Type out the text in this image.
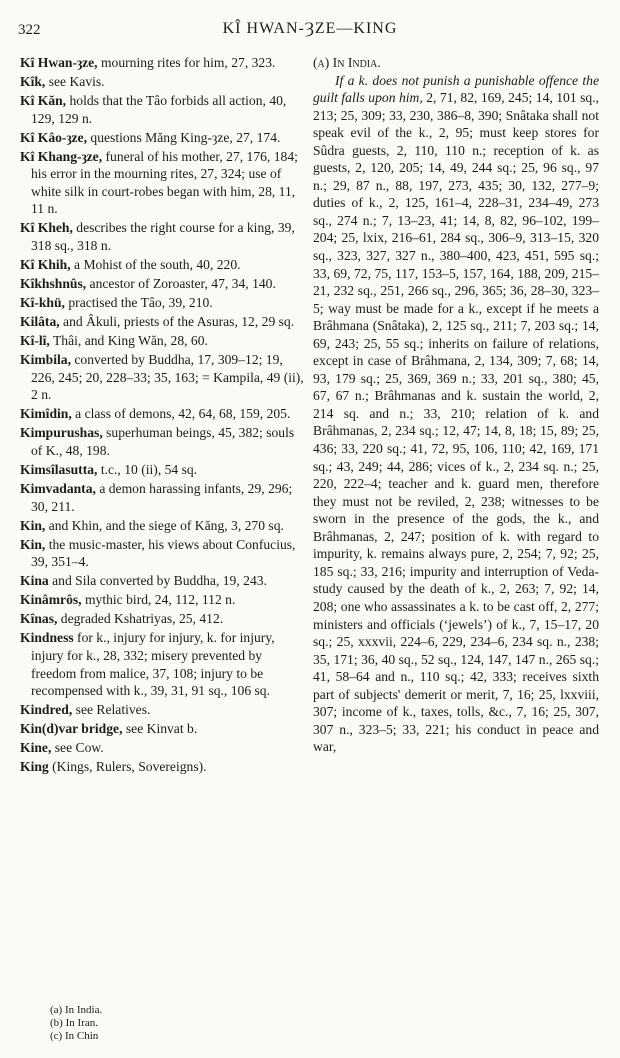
322	KÎ HWAN-ȜZE—KING
Kî Hwan-ȝze, mourning rites for him, 27, 323.
Kîk, see Kavis.
Kî Kăn, holds that the Tâo forbids all action, 40, 129, 129 n.
Kî Kâo-ȝze, questions Măng King-ȝze, 27, 174.
Kî Khang-ȝze, funeral of his mother, 27, 176, 184; his error in the mourning rites, 27, 324; use of white silk in court-robes began with him, 28, 11, 11 n.
Kî Kheh, describes the right course for a king, 39, 318 sq., 318 n.
Kî Khih, a Mohist of the south, 40, 220.
Kîkhshnûs, ancestor of Zoroaster, 47, 34, 140.
Kî-khü, practised the Tâo, 39, 210.
Kilâta, and Âkuli, priests of the Asuras, 12, 29 sq.
Kî-lî, Thâi, and King Wăn, 28, 60.
Kimbila, converted by Buddha, 17, 309–12; 19, 226, 245; 20, 228–33; 35, 163; = Kampila, 49 (ii), 2 n.
Kimîdin, a class of demons, 42, 64, 68, 159, 205.
Kimpurushas, superhuman beings, 45, 382; souls of K., 48, 198.
Kimsîlasutta, t.c., 10 (ii), 54 sq.
Kimvadanta, a demon harassing infants, 29, 296; 30, 211.
Kin, and Khin, and the siege of Kăng, 3, 270 sq.
Kin, the music-master, his views about Confucius, 39, 351–4.
Kina and Sila converted by Buddha, 19, 243.
Kinâmrôs, mythic bird, 24, 112, 112 n.
Kînas, degraded Kshatriyas, 25, 412.
Kindness for k., injury for injury, k. for injury, injury for k., 28, 332; misery prevented by freedom from malice, 37, 108; injury to be recompensed with k., 39, 31, 91 sq., 106 sq.
Kindred, see Relatives.
Kin(d)var bridge, see Kinvat b.
Kine, see Cow.
King (Kings, Rulers, Sovereigns).
(a) In India.
If a k. does not punish a punishable offence the guilt falls upon him, 2, 71, 82, 169, 245; 14, 101 sq., 213; 25, 309; 33, 230, 386–8, 390; Snâtaka shall not speak evil of the k., 2, 95; must keep stores for Sûdra guests, 2, 110, 110 n.; reception of k. as guests, 2, 120, 205; 14, 49, 244 sq.; 25, 96 sq., 97 n.; 29, 87 n., 88, 197, 273, 435; 30, 132, 277–9; duties of k., 2, 125, 161–4, 228–31, 234–49, 273 sq., 274 n.; 7, 13–23, 41; 14, 8, 82, 96–102, 199–204; 25, lxix, 216–61, 284 sq., 306–9, 313–15, 320 sq., 323, 327, 327 n., 380–400, 423, 451, 595 sq.; 33, 69, 72, 75, 117, 153–5, 157, 164, 188, 209, 215–21, 232 sq., 251, 266 sq., 296, 365; 36, 28–30, 323–5; way must be made for a k., except if he meets a Brâhmana (Snâtaka), 2, 125 sq., 211; 7, 203 sq.; 14, 69, 243; 25, 55 sq.; inherits on failure of relations, except in case of Brâhmana, 2, 134, 309; 7, 68; 14, 93, 179 sq.; 25, 369, 369 n.; 33, 201 sq., 380; 45, 67, 67 n.; Brâhmanas and k. sustain the world, 2, 214 sq. and n.; 33, 210; relation of k. and Brâhmanas, 2, 234 sq.; 12, 47; 14, 8, 18; 15, 89; 25, 436; 33, 220 sq.; 41, 72, 95, 106, 110; 42, 169, 171 sq.; 43, 249; 44, 286; vices of k., 2, 234 sq. n.; 25, 220, 222–4; teacher and k. guard men, therefore they must not be reviled, 2, 238; witnesses to be sworn in the presence of the gods, the k., and Brâhmanas, 2, 247; position of k. with regard to impurity, k. remains always pure, 2, 254; 7, 92; 25, 185 sq.; 33, 216; impurity and interruption of Veda-study caused by the death of k., 2, 263; 7, 92; 14, 208; one who assassinates a k. to be cast off, 2, 277; ministers and officials (‘jewels’) of k., 7, 15–17, 20 sq.; 25, xxxvii, 224–6, 229, 234–6, 234 sq. n., 238; 35, 171; 36, 40 sq., 52 sq., 124, 147, 147 n., 265 sq.; 41, 58–64 and n., 110 sq.; 42, 333; receives sixth part of subjects' demerit or merit, 7, 16; 25, lxxviii, 307; income of k., taxes, tolls, &c., 7, 16; 25, 307, 307 n., 323–5; 33, 221; his conduct in peace and war,
(a) In India.
(b) In Iran.
(c) In Chin
